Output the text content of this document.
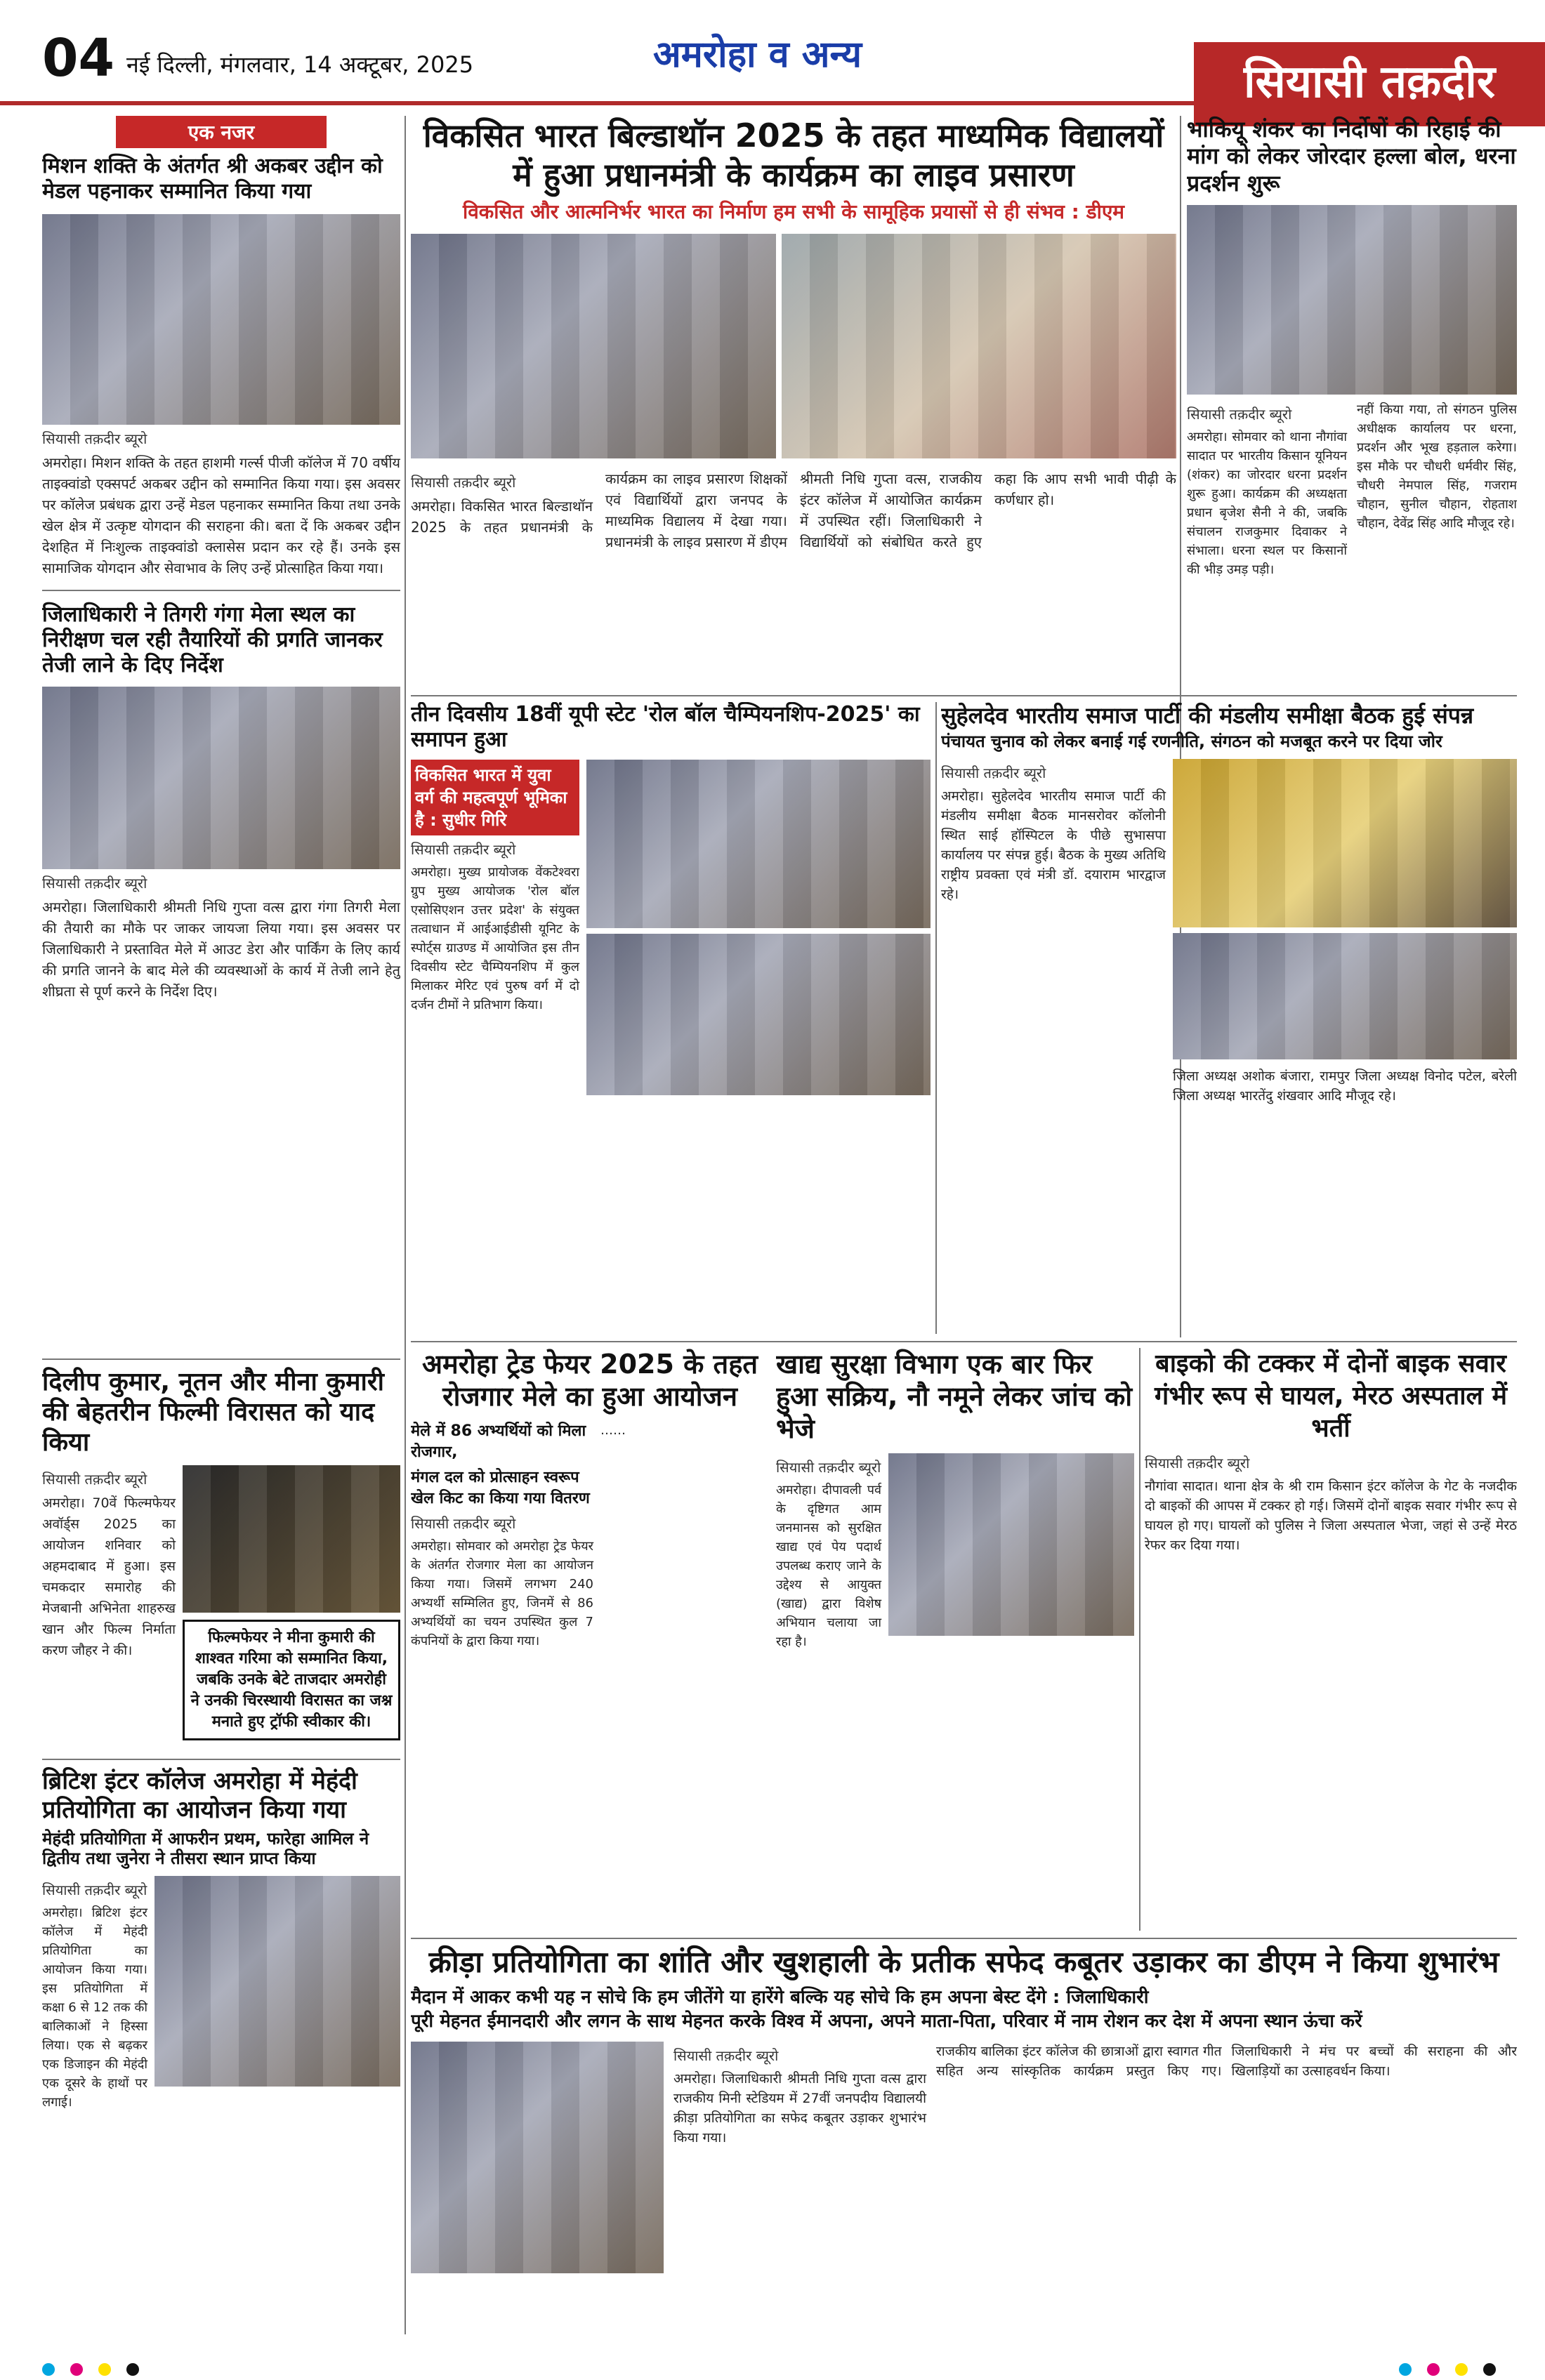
04 नई दिल्ली, मंगलवार, 14 अक्टूबर, 2025	अमरोहा व अन्य
सियासी तक़दीर
एक नजर
मिशन शक्ति के अंतर्गत श्री अकबर उद्दीन को मेडल पहनाकर सम्मानित किया गया
सियासी तक़दीर ब्यूरो
अमरोहा। मिशन शक्ति के तहत हाशमी गर्ल्स पीजी कॉलेज में 70 वर्षीय ताइक्वांडो एक्सपर्ट अकबर उद्दीन को सम्मानित किया गया। इस अवसर पर कॉलेज प्रबंधक द्वारा उन्हें मेडल पहनाकर सम्मानित किया तथा उनके खेल क्षेत्र में उत्कृष्ट योगदान की सराहना की। बता दें कि अकबर उद्दीन देशहित में निःशुल्क ताइक्वांडो क्लासेस प्रदान कर रहे हैं। उनके इस सामाजिक योगदान और सेवाभाव के लिए उन्हें प्रोत्साहित किया गया।
जिलाधिकारी ने तिगरी गंगा मेला स्थल का निरीक्षण चल रही तैयारियों की प्रगति जानकर तेजी लाने के दिए निर्देश
सियासी तक़दीर ब्यूरो
अमरोहा। जिलाधिकारी श्रीमती निधि गुप्ता वत्स द्वारा गंगा तिगरी मेला की तैयारी का मौके पर जाकर जायजा लिया गया। इस अवसर पर जिलाधिकारी ने प्रस्तावित मेले में आउट डेरा और पार्किंग के लिए कार्य की प्रगति जानने के बाद मेले की व्यवस्थाओं के कार्य में तेजी लाने हेतु शीघ्रता से पूर्ण करने के निर्देश दिए।
दिलीप कुमार, नूतन और मीना कुमारी की बेहतरीन फिल्मी विरासत को याद किया
सियासी तक़दीर ब्यूरो
अमरोहा। 70वें फिल्मफेयर अवॉर्ड्स 2025 का आयोजन शनिवार को अहमदाबाद में हुआ। इस चमकदार समारोह की मेजबानी अभिनेता शाहरुख खान और फिल्म निर्माता करण जौहर ने की।
फिल्मफेयर ने मीना कुमारी की शाश्वत गरिमा को सम्मानित किया, जबकि उनके बेटे ताजदार अमरोही ने उनकी चिरस्थायी विरासत का जश्न मनाते हुए ट्रॉफी स्वीकार की।
ब्रिटिश इंटर कॉलेज अमरोहा में मेहंदी प्रतियोगिता का आयोजन किया गया
मेहंदी प्रतियोगिता में आफरीन प्रथम, फारेहा आमिल ने द्वितीय तथा जुनेरा ने तीसरा स्थान प्राप्त किया
सियासी तक़दीर ब्यूरो
अमरोहा। ब्रिटिश इंटर कॉलेज में मेहंदी प्रतियोगिता का आयोजन किया गया। इस प्रतियोगिता में कक्षा 6 से 12 तक की बालिकाओं ने हिस्सा लिया। एक से बढ़कर एक डिजाइन की मेहंदी एक दूसरे के हाथों पर लगाई।
विकसित भारत बिल्डाथॉन 2025 के तहत माध्यमिक विद्यालयों में हुआ प्रधानमंत्री के कार्यक्रम का लाइव प्रसारण
विकसित और आत्मनिर्भर भारत का निर्माण हम सभी के सामूहिक प्रयासों से ही संभव : डीएम
सियासी तक़दीर ब्यूरो
अमरोहा। विकसित भारत बिल्डाथॉन 2025 के तहत प्रधानमंत्री के कार्यक्रम का लाइव प्रसारण शिक्षकों एवं विद्यार्थियों द्वारा जनपद के माध्यमिक विद्यालय में देखा गया। प्रधानमंत्री के लाइव प्रसारण में डीएम श्रीमती निधि गुप्ता वत्स, राजकीय इंटर कॉलेज में आयोजित कार्यक्रम में उपस्थित रहीं। जिलाधिकारी ने विद्यार्थियों को संबोधित करते हुए कहा कि आप सभी भावी पीढ़ी के कर्णधार हो।
भाकियू शंकर का निर्दोषों की रिहाई की मांग को लेकर जोरदार हल्ला बोल, धरना प्रदर्शन शुरू
सियासी तक़दीर ब्यूरो
अमरोहा। सोमवार को थाना नौगांवा सादात पर भारतीय किसान यूनियन (शंकर) का जोरदार धरना प्रदर्शन शुरू हुआ। कार्यक्रम की अध्यक्षता प्रधान बृजेश सैनी ने की, जबकि संचालन राजकुमार दिवाकर ने संभाला। धरना स्थल पर किसानों की भीड़ उमड़ पड़ी।
नहीं किया गया, तो संगठन पुलिस अधीक्षक कार्यालय पर धरना, प्रदर्शन और भूख हड़ताल करेगा। इस मौके पर चौधरी धर्मवीर सिंह, चौधरी नेमपाल सिंह, गजराम चौहान, सुनील चौहान, रोहताश चौहान, देवेंद्र सिंह आदि मौजूद रहे।
तीन दिवसीय 18वीं यूपी स्टेट 'रोल बॉल चैम्पियनशिप-2025' का समापन हुआ
विकसित भारत में युवा वर्ग की महत्वपूर्ण भूमिका है : सुधीर गिरि
सियासी तक़दीर ब्यूरो
अमरोहा। मुख्य प्रायोजक वेंकटेश्वरा ग्रुप मुख्य आयोजक 'रोल बॉल एसोसिएशन उत्तर प्रदेश' के संयुक्त तत्वाधान में आईआईडीसी यूनिट के स्पोर्ट्स ग्राउण्ड में आयोजित इस तीन दिवसीय स्टेट चैम्पियनशिप में कुल मिलाकर मेरिट एवं पुरुष वर्ग में दो दर्जन टीमों ने प्रतिभाग किया।
सुहेलदेव भारतीय समाज पार्टी की मंडलीय समीक्षा बैठक हुई संपन्न
पंचायत चुनाव को लेकर बनाई गई रणनीति, संगठन को मजबूत करने पर दिया जोर
सियासी तक़दीर ब्यूरो
अमरोहा। सुहेलदेव भारतीय समाज पार्टी की मंडलीय समीक्षा बैठक मानसरोवर कॉलोनी स्थित साई हॉस्पिटल के पीछे सुभासपा कार्यालय पर संपन्न हुई। बैठक के मुख्य अतिथि राष्ट्रीय प्रवक्ता एवं मंत्री डॉ. दयाराम भारद्वाज रहे।
जिला अध्यक्ष अशोक बंजारा, रामपुर जिला अध्यक्ष विनोद पटेल, बरेली जिला अध्यक्ष भारतेंदु शंखवार आदि मौजूद रहे।
अमरोहा ट्रेड फेयर 2025 के तहत रोजगार मेले का हुआ आयोजन
मेले में 86 अभ्यर्थियों को मिला रोजगार,
मंगल दल को प्रोत्साहन स्वरूप खेल किट का किया गया वितरण
सियासी तक़दीर ब्यूरो
अमरोहा। सोमवार को अमरोहा ट्रेड फेयर के अंतर्गत रोजगार मेला का आयोजन किया गया। जिसमें लगभग 240 अभ्यर्थी सम्मिलित हुए, जिनमें से 86 अभ्यर्थियों का चयन उपस्थित कुल 7 कंपनियों के द्वारा किया गया।
……
खाद्य सुरक्षा विभाग एक बार फिर हुआ सक्रिय, नौ नमूने लेकर जांच को भेजे
सियासी तक़दीर ब्यूरो
अमरोहा। दीपावली पर्व के दृष्टिगत आम जनमानस को सुरक्षित खाद्य एवं पेय पदार्थ उपलब्ध कराए जाने के उद्देश्य से आयुक्त (खाद्य) द्वारा विशेष अभियान चलाया जा रहा है।
बाइको की टक्कर में दोनों बाइक सवार गंभीर रूप से घायल, मेरठ अस्पताल में भर्ती
सियासी तक़दीर ब्यूरो
नौगांवा सादात। थाना क्षेत्र के श्री राम किसान इंटर कॉलेज के गेट के नजदीक दो बाइकों की आपस में टक्कर हो गई। जिसमें दोनों बाइक सवार गंभीर रूप से घायल हो गए। घायलों को पुलिस ने जिला अस्पताल भेजा, जहां से उन्हें मेरठ रेफर कर दिया गया।
क्रीड़ा प्रतियोगिता का शांति और खुशहाली के प्रतीक सफेद कबूतर उड़ाकर का डीएम ने किया शुभारंभ
मैदान में आकर कभी यह न सोचे कि हम जीतेंगे या हारेंगे बल्कि यह सोचे कि हम अपना बेस्ट देंगे : जिलाधिकारी
पूरी मेहनत ईमानदारी और लगन के साथ मेहनत करके विश्व में अपना, अपने माता-पिता, परिवार में नाम रोशन कर देश में अपना स्थान ऊंचा करें
सियासी तक़दीर ब्यूरो
अमरोहा। जिलाधिकारी श्रीमती निधि गुप्ता वत्स द्वारा राजकीय मिनी स्टेडियम में 27वीं जनपदीय विद्यालयी क्रीड़ा प्रतियोगिता का सफेद कबूतर उड़ाकर शुभारंभ किया गया।
राजकीय बालिका इंटर कॉलेज की छात्राओं द्वारा स्वागत गीत सहित अन्य सांस्कृतिक कार्यक्रम प्रस्तुत किए गए। जिलाधिकारी ने मंच पर बच्चों की सराहना की और खिलाड़ियों का उत्साहवर्धन किया।
